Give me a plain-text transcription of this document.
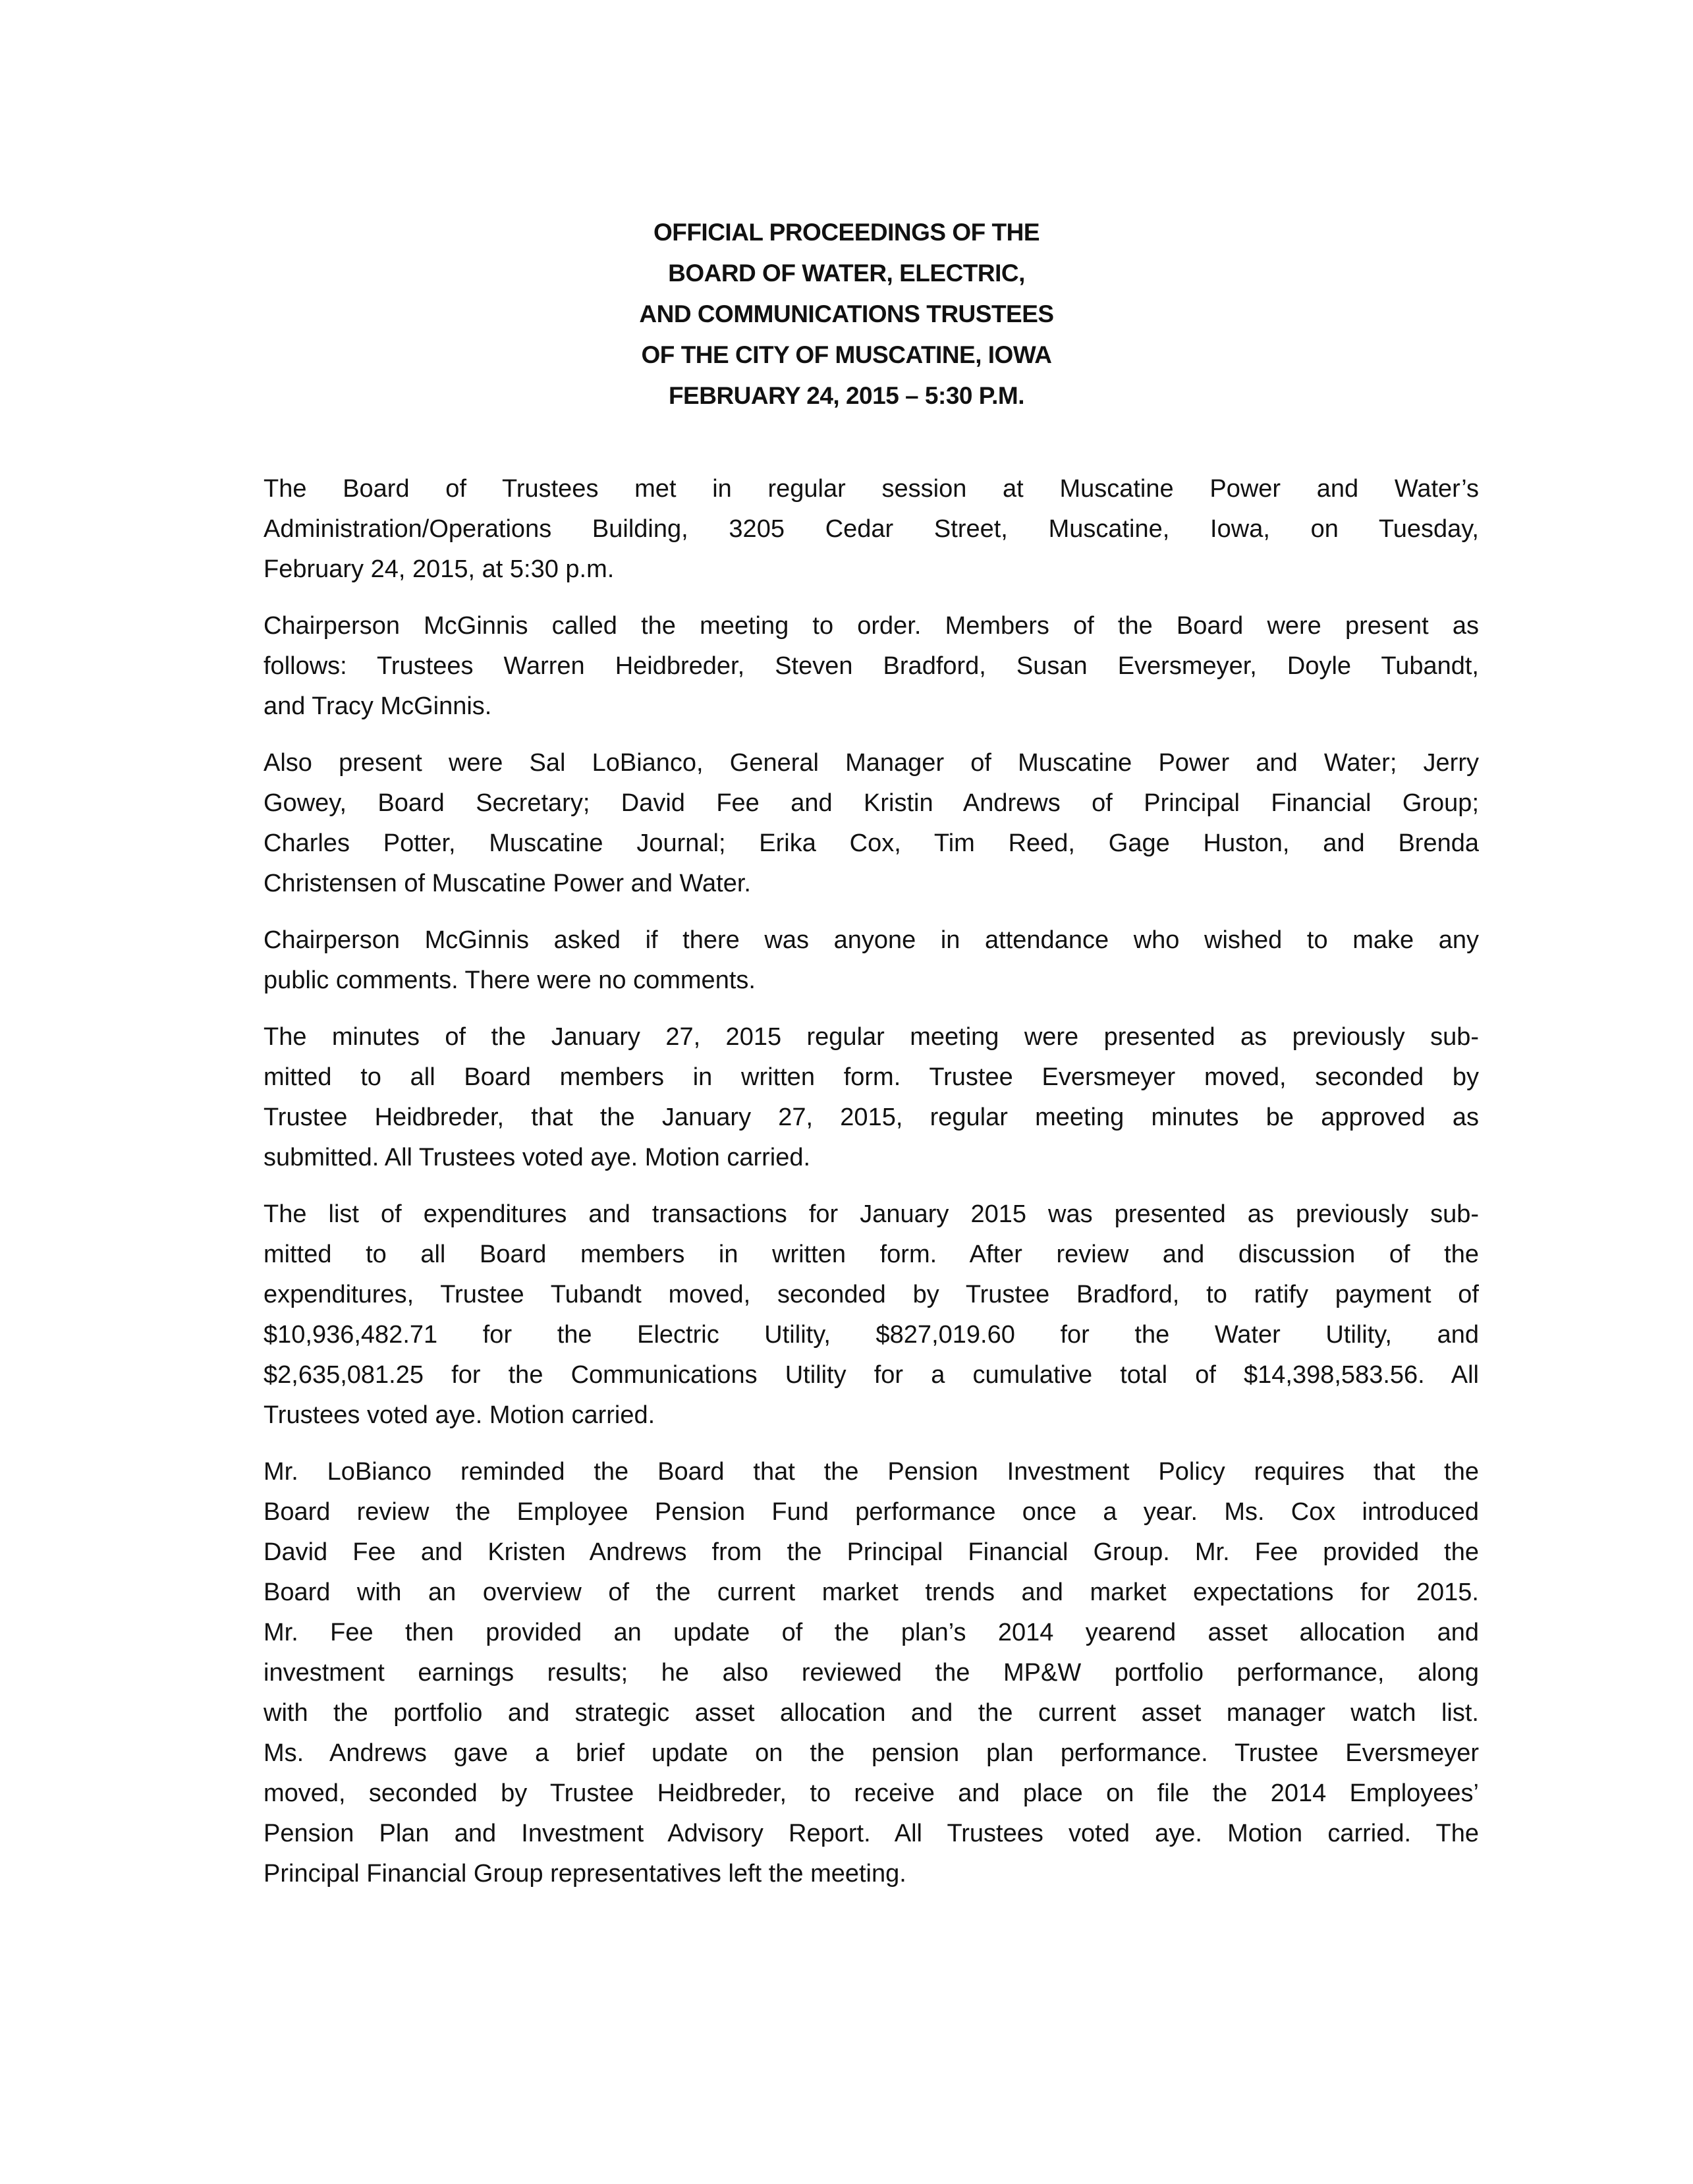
OFFICIAL PROCEEDINGS OF THE
BOARD OF WATER, ELECTRIC,
AND COMMUNICATIONS TRUSTEES
OF THE CITY OF MUSCATINE, IOWA
FEBRUARY 24, 2015 – 5:30 P.M.
The Board of Trustees met in regular session at Muscatine Power and Water’s
Administration/Operations Building, 3205 Cedar Street, Muscatine, Iowa, on Tuesday,
February 24, 2015, at 5:30 p.m.
Chairperson McGinnis called the meeting to order. Members of the Board were present as
follows: Trustees Warren Heidbreder, Steven Bradford, Susan Eversmeyer, Doyle Tubandt,
and Tracy McGinnis.
Also present were Sal LoBianco, General Manager of Muscatine Power and Water; Jerry
Gowey, Board Secretary; David Fee and Kristin Andrews of Principal Financial Group;
Charles Potter, Muscatine Journal; Erika Cox, Tim Reed, Gage Huston, and Brenda
Christensen of Muscatine Power and Water.
Chairperson McGinnis asked if there was anyone in attendance who wished to make any
public comments. There were no comments.
The minutes of the January 27, 2015 regular meeting were presented as previously sub-
mitted to all Board members in written form. Trustee Eversmeyer moved, seconded by
Trustee Heidbreder, that the January 27, 2015, regular meeting minutes be approved as
submitted. All Trustees voted aye. Motion carried.
The list of expenditures and transactions for January 2015 was presented as previously sub-
mitted to all Board members in written form. After review and discussion of the
expenditures, Trustee Tubandt moved, seconded by Trustee Bradford, to ratify payment of
$10,936,482.71 for the Electric Utility, $827,019.60 for the Water Utility, and
$2,635,081.25 for the Communications Utility for a cumulative total of $14,398,583.56. All
Trustees voted aye. Motion carried.
Mr. LoBianco reminded the Board that the Pension Investment Policy requires that the
Board review the Employee Pension Fund performance once a year. Ms. Cox introduced
David Fee and Kristen Andrews from the Principal Financial Group. Mr. Fee provided the
Board with an overview of the current market trends and market expectations for 2015.
Mr. Fee then provided an update of the plan’s 2014 yearend asset allocation and
investment earnings results; he also reviewed the MP&W portfolio performance, along
with the portfolio and strategic asset allocation and the current asset manager watch list.
Ms. Andrews gave a brief update on the pension plan performance. Trustee Eversmeyer
moved, seconded by Trustee Heidbreder, to receive and place on file the 2014 Employees’
Pension Plan and Investment Advisory Report. All Trustees voted aye. Motion carried. The
Principal Financial Group representatives left the meeting.
